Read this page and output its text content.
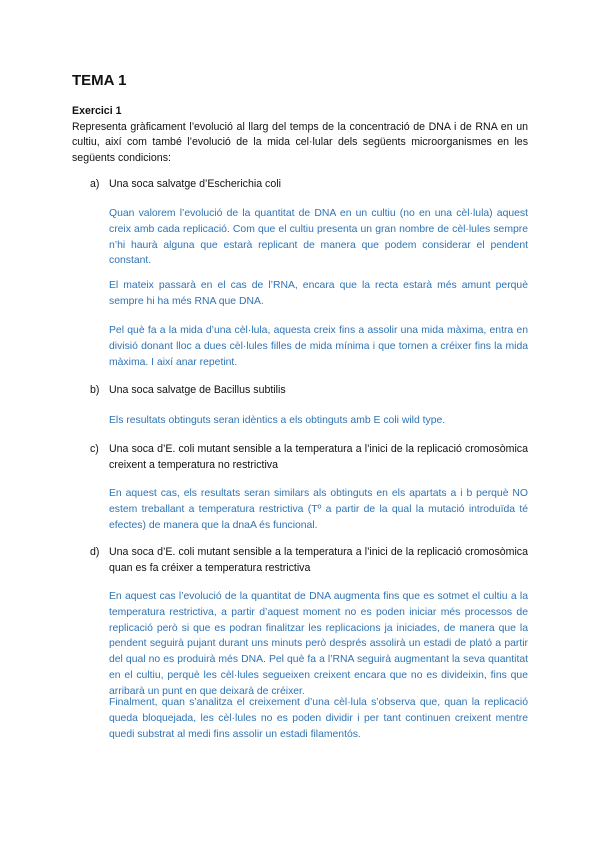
TEMA 1
Exercici 1

Representa gràficament l’evolució al llarg del temps de la concentració de DNA i de RNA en un cultiu, així com també l’evolució de la mida cel·lular dels següents microorganismes en les següents condicions:

a) Una soca salvatge d’Escherichia coli

Quan valorem l’evolució de la quantitat de DNA en un cultiu (no en una cèl·lula) aquest creix amb cada replicació. Com que el cultiu presenta un gran nombre de cèl·lules sempre n’hi haurà alguna que estarà replicant de manera que podem considerar el pendent constant.

El mateix passarà en el cas de l’RNA, encara que la recta estarà més amunt perquè sempre hi ha més RNA que DNA.

Pel què fa a la mida d’una cèl·lula, aquesta creix fins a assolir una mida màxima, entra en divisió donant lloc a dues cèl·lules filles de mida mínima i que tornen a créixer fins la mida màxima. I així anar repetint.

b) Una soca salvatge de Bacillus subtilis

Els resultats obtinguts seran idèntics a els obtinguts amb E coli wild type.

c) Una soca d’E. coli mutant sensible a la temperatura a l’inici de la replicació cromosòmica creixent a temperatura no restrictiva

En aquest cas, els resultats seran similars als obtinguts en els apartats a i b perquè NO estem treballant a temperatura restrictiva (Tº a partir de la qual la mutació introduïda té efectes) de manera que la dnaA és funcional.

d) Una soca d’E. coli mutant sensible a la temperatura a l’inici de la replicació cromosòmica quan es fa créixer a temperatura restrictiva

En aquest cas l’evolució de la quantitat de DNA augmenta fins que es sotmet el cultiu a la temperatura restrictiva, a partir d’aquest moment no es poden iniciar més processos de replicació però si que es podran finalitzar les replicacions ja iniciades, de manera que la pendent seguirà pujant durant uns minuts però després assolirà un estadi de plató a partir del qual no es produirà més DNA. Pel què fa a l’RNA seguirà augmentant la seva quantitat en el cultiu, perquè les cèl·lules segueixen creixent encara que no es divideixin, fins que arribarà un punt en que deixarà de créixer.

Finalment, quan s’analitza el creixement d’una cèl·lula s’observa que, quan la replicació queda bloquejada, les cèl·lules no es poden dividir i per tant continuen creixent mentre quedi substrat al medi fins assolir un estadi filamentós.
